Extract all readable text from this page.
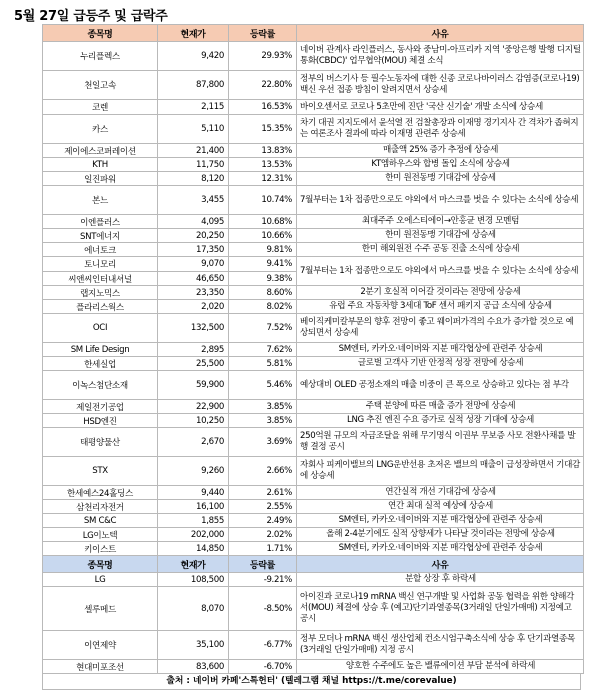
5월 27일 급등주 및 급락주
종목명	현재가	등락률	사유
누리플렉스	9,420	29.93%	네이버 관계사 라인플러스, 동사와 중남미-아프리카 지역 '중앙은행 발행 디지털 통화(CBDC)' 업무협약(MOU) 체결 소식
천일고속	87,800	22.80%	정부의 버스기사 등 필수노동자에 대한 신종 코로나바이러스 감염증(코로나19) 백신 우선 접종 방침이 알려지면서 상승세
코렌	2,115	16.53%	바이오센서로 코로나 5초만에 진단 '국산 신기술' 개발 소식에 상승세
카스	5,110	15.35%	차기 대권 지지도에서 윤석열 전 검찰총장과 이재명 경기지사 간 격차가 좁혀지는 여론조사 결과에 따라 이재명 관련주 상승세
제이에스코퍼레이션	21,400	13.83%	매출액 25% 증가 추정에 상승세
KTH	11,750	13.53%	KT엠하우스와 합병 돌입 소식에 상승세
일진파워	8,120	12.31%	한미 원전동맹 기대감에 상승세
본느	3,455	10.74%	7월부터는 1차 접종만으로도 야외에서 마스크를 벗을 수 있다는 소식에 상승세
이엔플러스	4,095	10.68%	최대주주 오에스티에이→안홍균 변경 모멘텀
SNT에너지	20,250	10.66%	한미 원전동맹 기대감에 상승세
에너토크	17,350	9.81%	한미 해외원전 수주 공동 진출 소식에 상승세
토니모리	9,070	9.41%	7월부터는 1차 접종만으로도 야외에서 마스크를 벗을 수 있다는 소식에 상승세
씨앤씨인터내셔널	46,650	9.38%	
랩지노믹스	23,350	8.60%	2분기 호실적 이어갈 것이라는 전망에 상승세
플라리스웍스	2,020	8.02%	유럽 주요 자동차향 3세대 ToF 센서 패키지 공급 소식에 상승세
OCI	132,500	7.52%	베이직케미칼부문의 향후 전망이 좋고 웨이퍼가격의 수요가 증가할 것으로 예상되면서 상승세
SM Life Design	2,895	7.62%	SM엔터, 카카오·네이버와 지분 매각협상에 관련주 상승세
한세실업	25,500	5.81%	글로벌 고객사 기반 안정적 성장 전망에 상승세
이녹스첨단소재	59,900	5.46%	예상대비 OLED 공정소재의 매출 비중이 큰 폭으로 상승하고 있다는 점 부각
제일전기공업	22,900	3.85%	주택 분양에 따른 매출 증가 전망에 상승세
HSD엔진	10,250	3.85%	LNG 추진 엔진 수요 증가로 실적 성장 기대에 상승세
태평양물산	2,670	3.69%	250억원 규모의 자금조달을 위해 무기명식 이권부 무보증 사모 전환사채를 발행 결정 공시
STX	9,260	2.66%	자회사 피케이밸브의 LNG운반선용 초저온 밸브의 매출이 급성장하면서 기대감에 상승세
한세예스24홀딩스	9,440	2.61%	연간실적 개선 기대감에 상승세
삼천리자전거	16,100	2.55%	연간 최대 실적 예상에 상승세
SM C&C	1,855	2.49%	SM엔터, 카카오·네이버와 지분 매각협상에 관련주 상승세
LG이노텍	202,000	2.02%	올해 2-4분기에도 실적 상향세가 나타날 것이라는 전망에 상승세
키이스트	14,850	1.71%	SM엔터, 카카오·네이버와 지분 매각협상에 관련주 상승세
종목명	현재가	등락률	사유
LG	108,500	-9.21%	분할 상장 후 하락세
셀루메드	8,070	-8.50%	아이진과 코로나19 mRNA 백신 연구개발 및 사업화 공동 협력을 위한 양해각서(MOU) 체결에 상승 후 (예고)단기과열종목(3거래일 단일가매매) 지정예고 공시
이연제약	35,100	-6.77%	정부 모더나 mRNA 백신 생산업체 컨소시엄구축소식에 상승 후 단기과열종목(3거래일 단일가매매) 지정 공시
현대미포조선	83,600	-6.70%	양호한 수주에도 높은 밸류에이션 부담 분석에 하락세
출처 : 네이버 카페'스톡헌터' (텔레그램 채널 https://t.me/corevalue)
